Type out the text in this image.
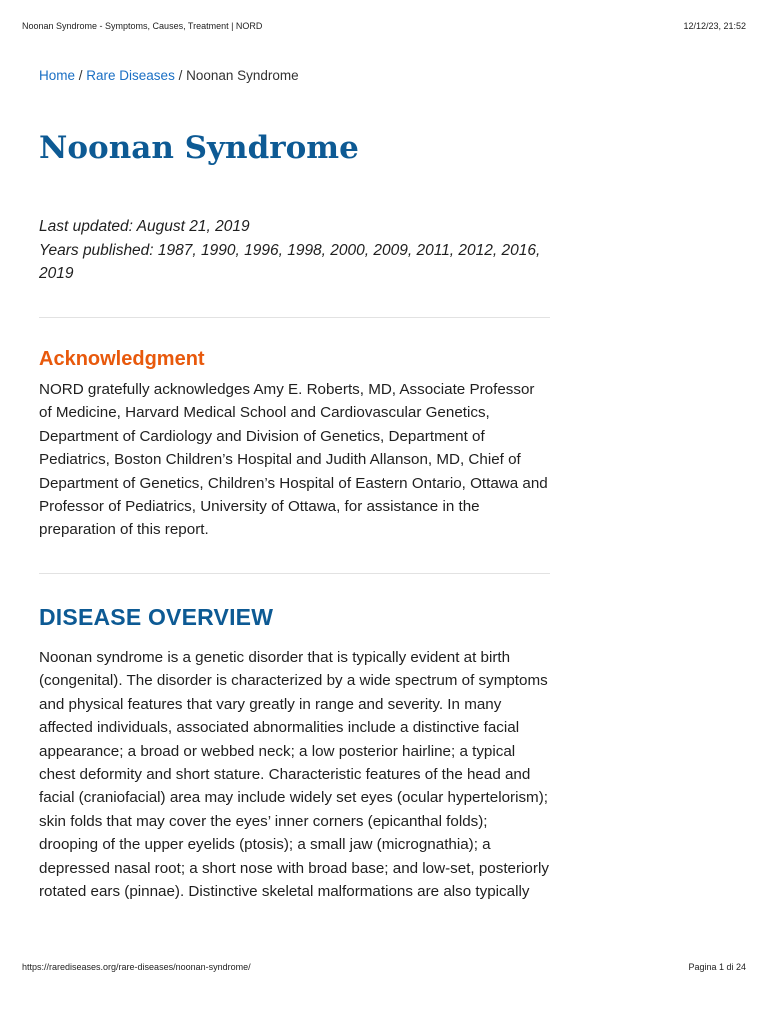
Noonan Syndrome - Symptoms, Causes, Treatment | NORD	12/12/23, 21:52
Home / Rare Diseases / Noonan Syndrome
Noonan Syndrome

Last updated: August 21, 2019

Years published: 1987, 1990, 1996, 1998, 2000, 2009, 2011, 2012, 2016, 2019

Acknowledgment

NORD gratefully acknowledges Amy E. Roberts, MD, Associate Professor of Medicine, Harvard Medical School and Cardiovascular Genetics, Department of Cardiology and Division of Genetics, Department of Pediatrics, Boston Children’s Hospital and Judith Allanson, MD, Chief of Department of Genetics, Children’s Hospital of Eastern Ontario, Ottawa and Professor of Pediatrics, University of Ottawa, for assistance in the preparation of this report.

DISEASE OVERVIEW

Noonan syndrome is a genetic disorder that is typically evident at birth (congenital). The disorder is characterized by a wide spectrum of symptoms and physical features that vary greatly in range and severity. In many affected individuals, associated abnormalities include a distinctive facial appearance; a broad or webbed neck; a low posterior hairline; a typical chest deformity and short stature. Characteristic features of the head and facial (craniofacial) area may include widely set eyes (ocular hypertelorism); skin folds that may cover the eyes’ inner corners (epicanthal folds); drooping of the upper eyelids (ptosis); a small jaw (micrognathia); a depressed nasal root; a short nose with broad base; and low-set, posteriorly rotated ears (pinnae). Distinctive skeletal malformations are also typically

https://rarediseases.org/rare-diseases/noonan-syndrome/	Pagina 1 di 24
